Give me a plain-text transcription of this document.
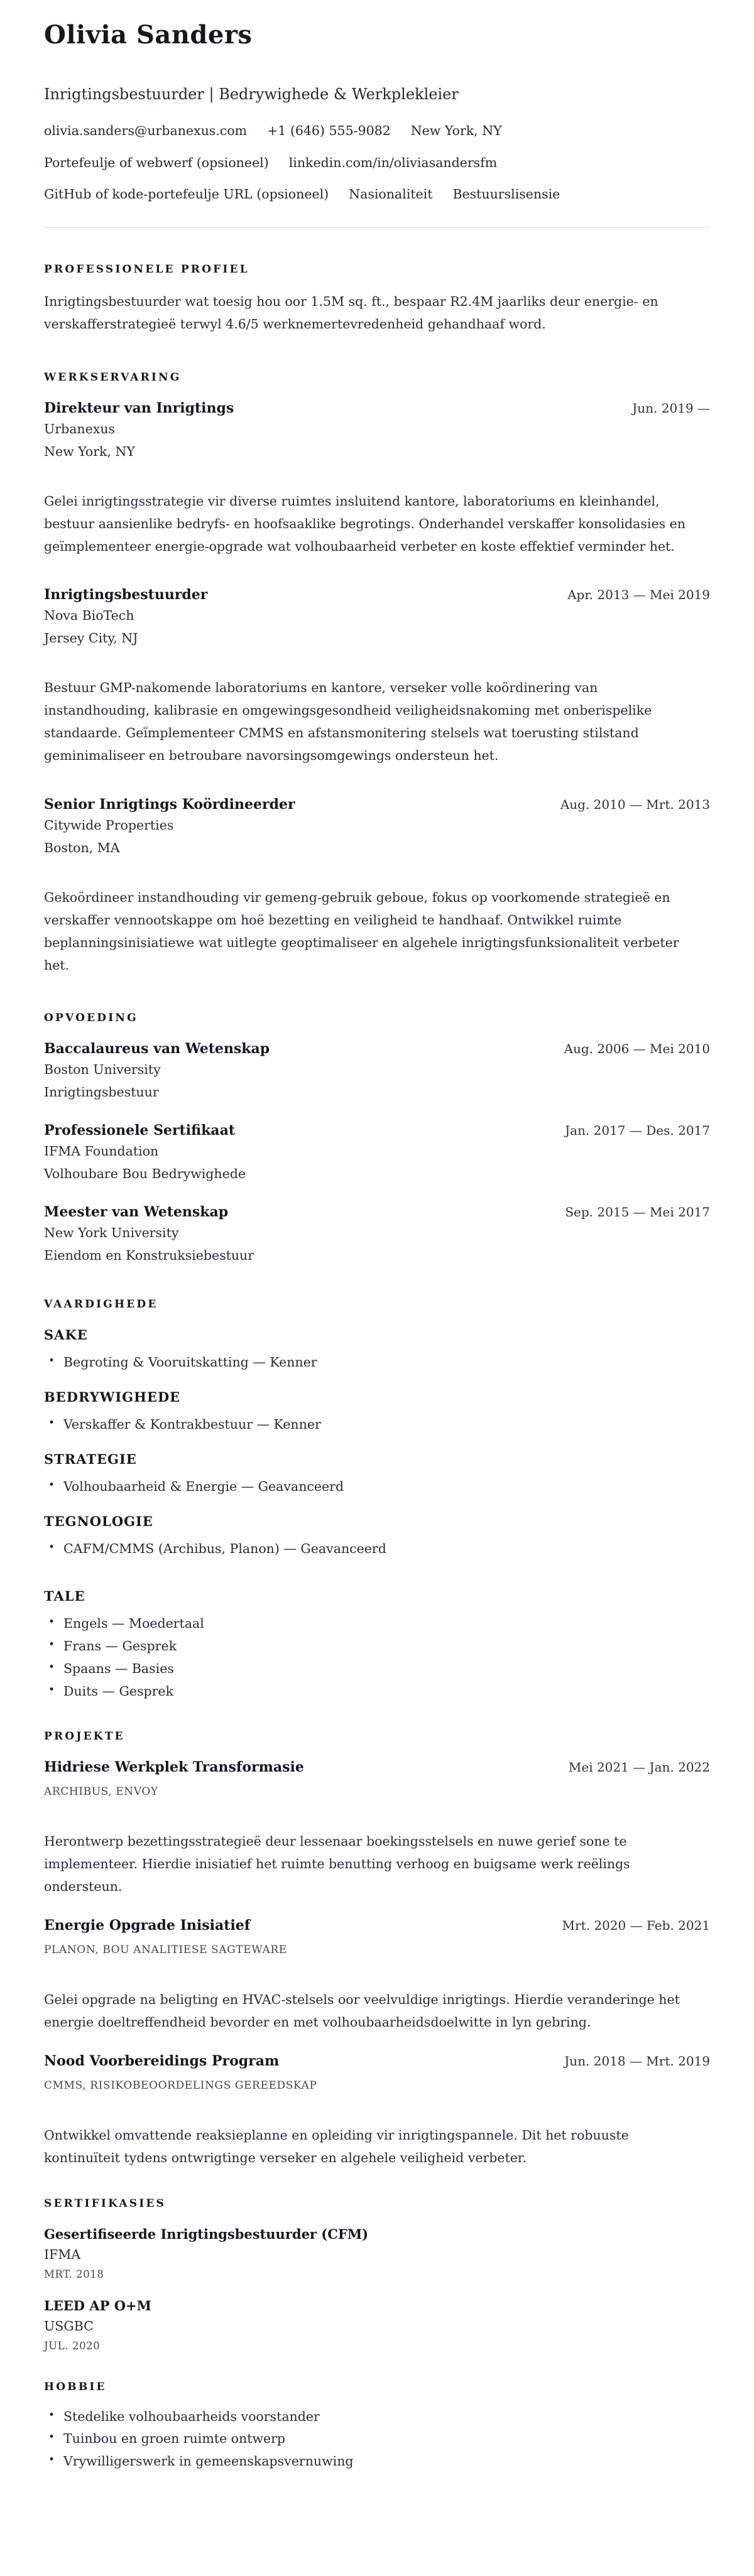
Olivia Sanders
Inrigtingsbestuurder | Bedrywighede & Werkplekleier
olivia.sanders@urbanexus.com +1 (646) 555-9082 New York, NY
Portefeulje of webwerf (opsioneel) linkedin.com/in/oliviasandersfm
GitHub of kode-portefeulje URL (opsioneel) Nasionaliteit Bestuurslisensie
PROFESSIONELE PROFIEL

Inrigtingsbestuurder wat toesig hou oor 1.5M sq. ft., bespaar R2.4M jaarliks deur energie- en verskafferstrategieë terwyl 4.6/5 werknemertevredenheid gehandhaaf word.

WERKSERVARING
Direkteur van Inrigtings	Jun. 2019 —
Urbanexus
New York, NY

Gelei inrigtingsstrategie vir diverse ruimtes insluitend kantore, laboratoriums en kleinhandel, bestuur aansienlike bedryfs- en hoofsaaklike begrotings. Onderhandel verskaffer konsolidasies en geïmplementeer energie-opgrade wat volhoubaarheid verbeter en koste effektief verminder het.

Inrigtingsbestuurder	Apr. 2013 — Mei 2019
Nova BioTech
Jersey City, NJ

Bestuur GMP-nakomende laboratoriums en kantore, verseker volle koördinering van instandhouding, kalibrasie en omgewingsgesondheid veiligheidsnakoming met onberispelike standaarde. Geïmplementeer CMMS en afstansmonitering stelsels wat toerusting stilstand geminimaliseer en betroubare navorsingsomgewings ondersteun het.

Senior Inrigtings Koördineerder	Aug. 2010 — Mrt. 2013
Citywide Properties
Boston, MA

Gekoördineer instandhouding vir gemeng-gebruik geboue, fokus op voorkomende strategieë en verskaffer vennootskappe om hoë bezetting en veiligheid te handhaaf. Ontwikkel ruimte beplanningsinisiatiewe wat uitlegte geoptimaliseer en algehele inrigtingsfunksionaliteit verbeter het.

OPVOEDING
Baccalaureus van Wetenskap	Aug. 2006 — Mei 2010
Boston University
Inrigtingsbestuur
Professionele Sertifikaat	Jan. 2017 — Des. 2017
IFMA Foundation
Volhoubare Bou Bedrywighede
Meester van Wetenskap	Sep. 2015 — Mei 2017
New York University
Eiendom en Konstruksiebestuur
VAARDIGHEDE
SAKE
• Begroting & Vooruitskatting — Kenner
BEDRYWIGHEDE
• Verskaffer & Kontrakbestuur — Kenner
STRATEGIE
• Volhoubaarheid & Energie — Geavanceerd
TEGNOLOGIE
• CAFM/CMMS (Archibus, Planon) — Geavanceerd
TALE
• Engels — Moedertaal
• Frans — Gesprek
• Spaans — Basies
• Duits — Gesprek
PROJEKTE
Hidriese Werkplek Transformasie	Mei 2021 — Jan. 2022
ARCHIBUS, ENVOY

Herontwerp bezettingsstrategieë deur lessenaar boekingsstelsels en nuwe gerief sone te implementeer. Hierdie inisiatief het ruimte benutting verhoog en buigsame werk reëlings ondersteun.

Energie Opgrade Inisiatief	Mrt. 2020 — Feb. 2021
PLANON, BOU ANALITIESE SAGTEWARE

Gelei opgrade na beligting en HVAC-stelsels oor veelvuldige inrigtings. Hierdie veranderinge het energie doeltreffendheid bevorder en met volhoubaarheidsdoelwitte in lyn gebring.

Nood Voorbereidings Program	Jun. 2018 — Mrt. 2019
CMMS, RISIKOBEOORDELINGS GEREEDSKAP

Ontwikkel omvattende reaksieplanne en opleiding vir inrigtingspannele. Dit het robuuste kontinuïteit tydens ontwrigtinge verseker en algehele veiligheid verbeter.

SERTIFIKASIES
Gesertifiseerde Inrigtingsbestuurder (CFM)
IFMA
MRT. 2018
LEED AP O+M
USGBC
JUL. 2020
HOBBIE
• Stedelike volhoubaarheids voorstander
• Tuinbou en groen ruimte ontwerp
• Vrywilligerswerk in gemeenskapsvernuwing
